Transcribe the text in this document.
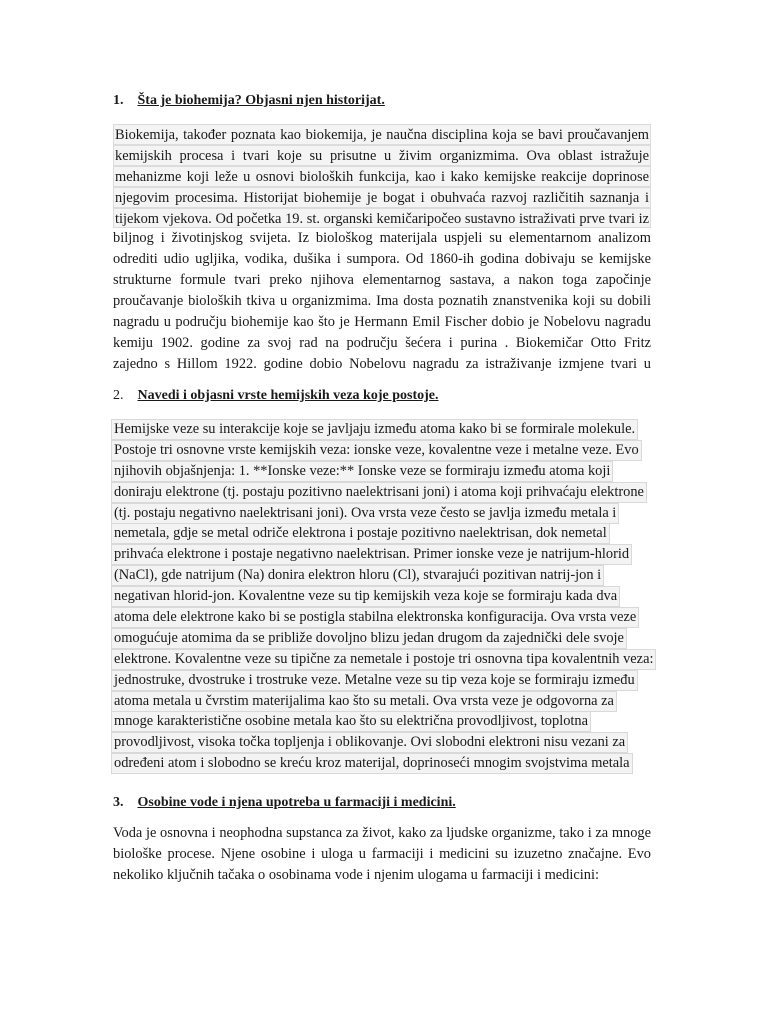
1. Šta je biohemija? Objasni njen historijat.
Biokemija, također poznata kao biokemija, je naučna disciplina koja se bavi proučavanjem
kemijskih procesa i tvari koje su prisutne u živim organizmima. Ova oblast istražuje
mehanizme koji leže u osnovi bioloških funkcija, kao i kako kemijske reakcije doprinose
njegovim procesima. Historijat biohemije je bogat i obuhvaća razvoj različitih saznanja i
tijekom vjekova. Od početka 19. st. organski kemičaripočeo sustavno istraživati prve tvari iz
biljnog i životinjskog svijeta. Iz biološkog materijala uspjeli su elementarnom analizom
odrediti udio ugljika, vodika, dušika i sumpora. Od 1860-ih godina dobivaju se kemijske
strukturne formule tvari preko njihova elementarnog sastava, a nakon toga započinje
proučavanje bioloških tkiva u organizmima. Ima dosta poznatih znanstvenika koji su dobili
nagradu u području biohemije kao što je Hermann Emil Fischer dobio je Nobelovu nagradu
kemiju 1902. godine za svoj rad na području šećera i purina . Biokemičar Otto Fritz
zajedno s Hillom 1922. godine dobio Nobelovu nagradu za istraživanje izmjene tvari u
2. Navedi i objasni vrste hemijskih veza koje postoje.
Hemijske veze su interakcije koje se javljaju između atoma kako bi se formirale molekule.
Postoje tri osnovne vrste kemijskih veza: ionske veze, kovalentne veze i metalne veze. Evo
njihovih objašnjenja: 1. **Ionske veze:** Ionske veze se formiraju između atoma koji
doniraju elektrone (tj. postaju pozitivno naelektrisani joni) i atoma koji prihvaćaju elektrone
(tj. postaju negativno naelektrisani joni). Ova vrsta veze često se javlja između metala i
nemetala, gdje se metal odriče elektrona i postaje pozitivno naelektrisan, dok nemetal
prihvaća elektrone i postaje negativno naelektrisan. Primer ionske veze je natrijum-hlorid
(NaCl), gde natrijum (Na) donira elektron hloru (Cl), stvarajući pozitivan natrij-jon i
negativan hlorid-jon. Kovalentne veze su tip kemijskih veza koje se formiraju kada dva
atoma dele elektrone kako bi se postigla stabilna elektronska konfiguracija. Ova vrsta veze
omogućuje atomima da se približe dovoljno blizu jedan drugom da zajednički dele svoje
elektrone. Kovalentne veze su tipične za nemetale i postoje tri osnovna tipa kovalentnih veza:
jednostruke, dvostruke i trostruke veze. Metalne veze su tip veza koje se formiraju između
atoma metala u čvrstim materijalima kao što su metali. Ova vrsta veze je odgovorna za
mnoge karakteristične osobine metala kao što su električna provodljivost, toplotna
provodljivost, visoka točka topljenja i oblikovanje. Ovi slobodni elektroni nisu vezani za
određeni atom i slobodno se kreću kroz materijal, doprinoseći mnogim svojstvima metala
3. Osobine vode i njena upotreba u farmaciji i medicini.
Voda je osnovna i neophodna supstanca za život, kako za ljudske organizme, tako i za mnoge
biološke procese. Njene osobine i uloga u farmaciji i medicini su izuzetno značajne. Evo
nekoliko ključnih tačaka o osobinama vode i njenim ulogama u farmaciji i medicini:
